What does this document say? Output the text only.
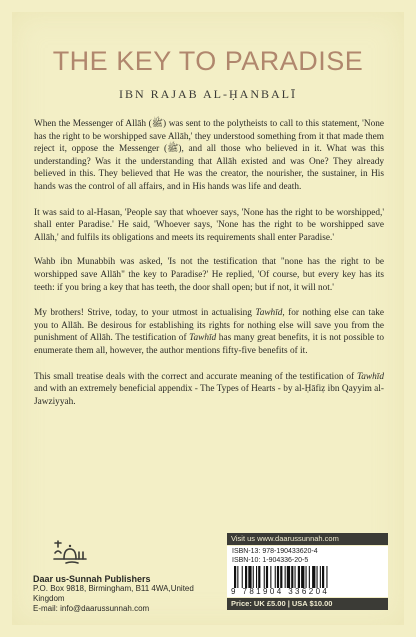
THE KEY TO PARADISE
IBN RAJAB AL-ḤANBALĪ

When the Messenger of Allāh (ﷺ) was sent to the polytheists to call to this statement, 'None has the right to be worshipped save Allāh,' they understood something from it that made them reject it, oppose the Messenger (ﷺ), and all those who believed in it. What was this understanding? Was it the understanding that Allāh existed and was One? They already believed in this. They believed that He was the creator, the nourisher, the sustainer, in His hands was the control of all affairs, and in His hands was life and death.

It was said to al-Hasan, 'People say that whoever says, 'None has the right to be worshipped,' shall enter Paradise.' He said, 'Whoever says, 'None has the right to be worshipped save Allāh,' and fulfils its obligations and meets its requirements shall enter Paradise.'

Wahb ibn Munabbih was asked, 'Is not the testification that "none has the right to be worshipped save Allāh" the key to Paradise?' He replied, 'Of course, but every key has its teeth: if you bring a key that has teeth, the door shall open; but if not, it will not.'

My brothers! Strive, today, to your utmost in actualising Tawhīd, for nothing else can take you to Allāh. Be desirous for establishing its rights for nothing else will save you from the punishment of Allāh. The testification of Tawhīd has many great benefits, it is not possible to enumerate them all, however, the author mentions fifty-five benefits of it.

This small treatise deals with the correct and accurate meaning of the testification of Tawhīd and with an extremely beneficial appendix - The Types of Hearts - by al-Ḥāfiẓ ibn Qayyim al-Jawziyyah.

Daar us-Sunnah Publishers
P.O. Box 9818, Birmingham, B11 4WA,United Kingdom
E-mail: info@daarussunnah.com
Visit us www.daarussunnah.com
ISBN-13: 978-190433620-4
ISBN-10: 1-904336-20-5
9 781904 336204
Price: UK £5.00 | USA $10.00
